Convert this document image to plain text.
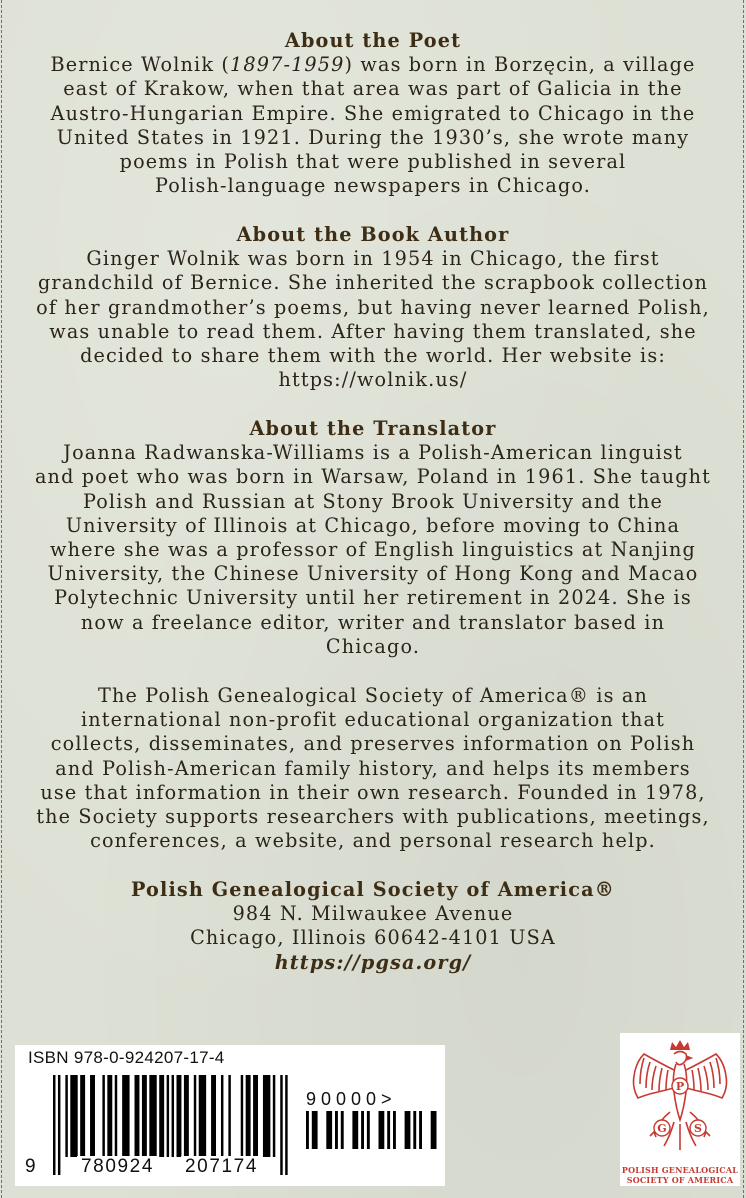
About the Poet
Bernice Wolnik (1897-1959) was born in Borzęcin, a village
east of Krakow, when that area was part of Galicia in the
Austro-Hungarian Empire. She emigrated to Chicago in the
United States in 1921. During the 1930’s, she wrote many
poems in Polish that were published in several
Polish-language newspapers in Chicago.
About the Book Author
Ginger Wolnik was born in 1954 in Chicago, the first
grandchild of Bernice. She inherited the scrapbook collection
of her grandmother’s poems, but having never learned Polish,
was unable to read them. After having them translated, she
decided to share them with the world. Her website is:
https://wolnik.us/
About the Translator
Joanna Radwanska-Williams is a Polish-American linguist
and poet who was born in Warsaw, Poland in 1961. She taught
Polish and Russian at Stony Brook University and the
University of Illinois at Chicago, before moving to China
where she was a professor of English linguistics at Nanjing
University, the Chinese University of Hong Kong and Macao
Polytechnic University until her retirement in 2024. She is
now a freelance editor, writer and translator based in
Chicago.
The Polish Genealogical Society of America® is an
international non-profit educational organization that
collects, disseminates, and preserves information on Polish
and Polish-American family history, and helps its members
use that information in their own research. Founded in 1978,
the Society supports researchers with publications, meetings,
conferences, a website, and personal research help.
Polish Genealogical Society of America®
984 N. Milwaukee Avenue
Chicago, Illinois 60642-4101 USA
https://pgsa.org/
ISBN 978-0-924207-17-4
9 780924 207174
90000>
P
G S
POLISH GENEALOGICAL
SOCIETY OF AMERICA
